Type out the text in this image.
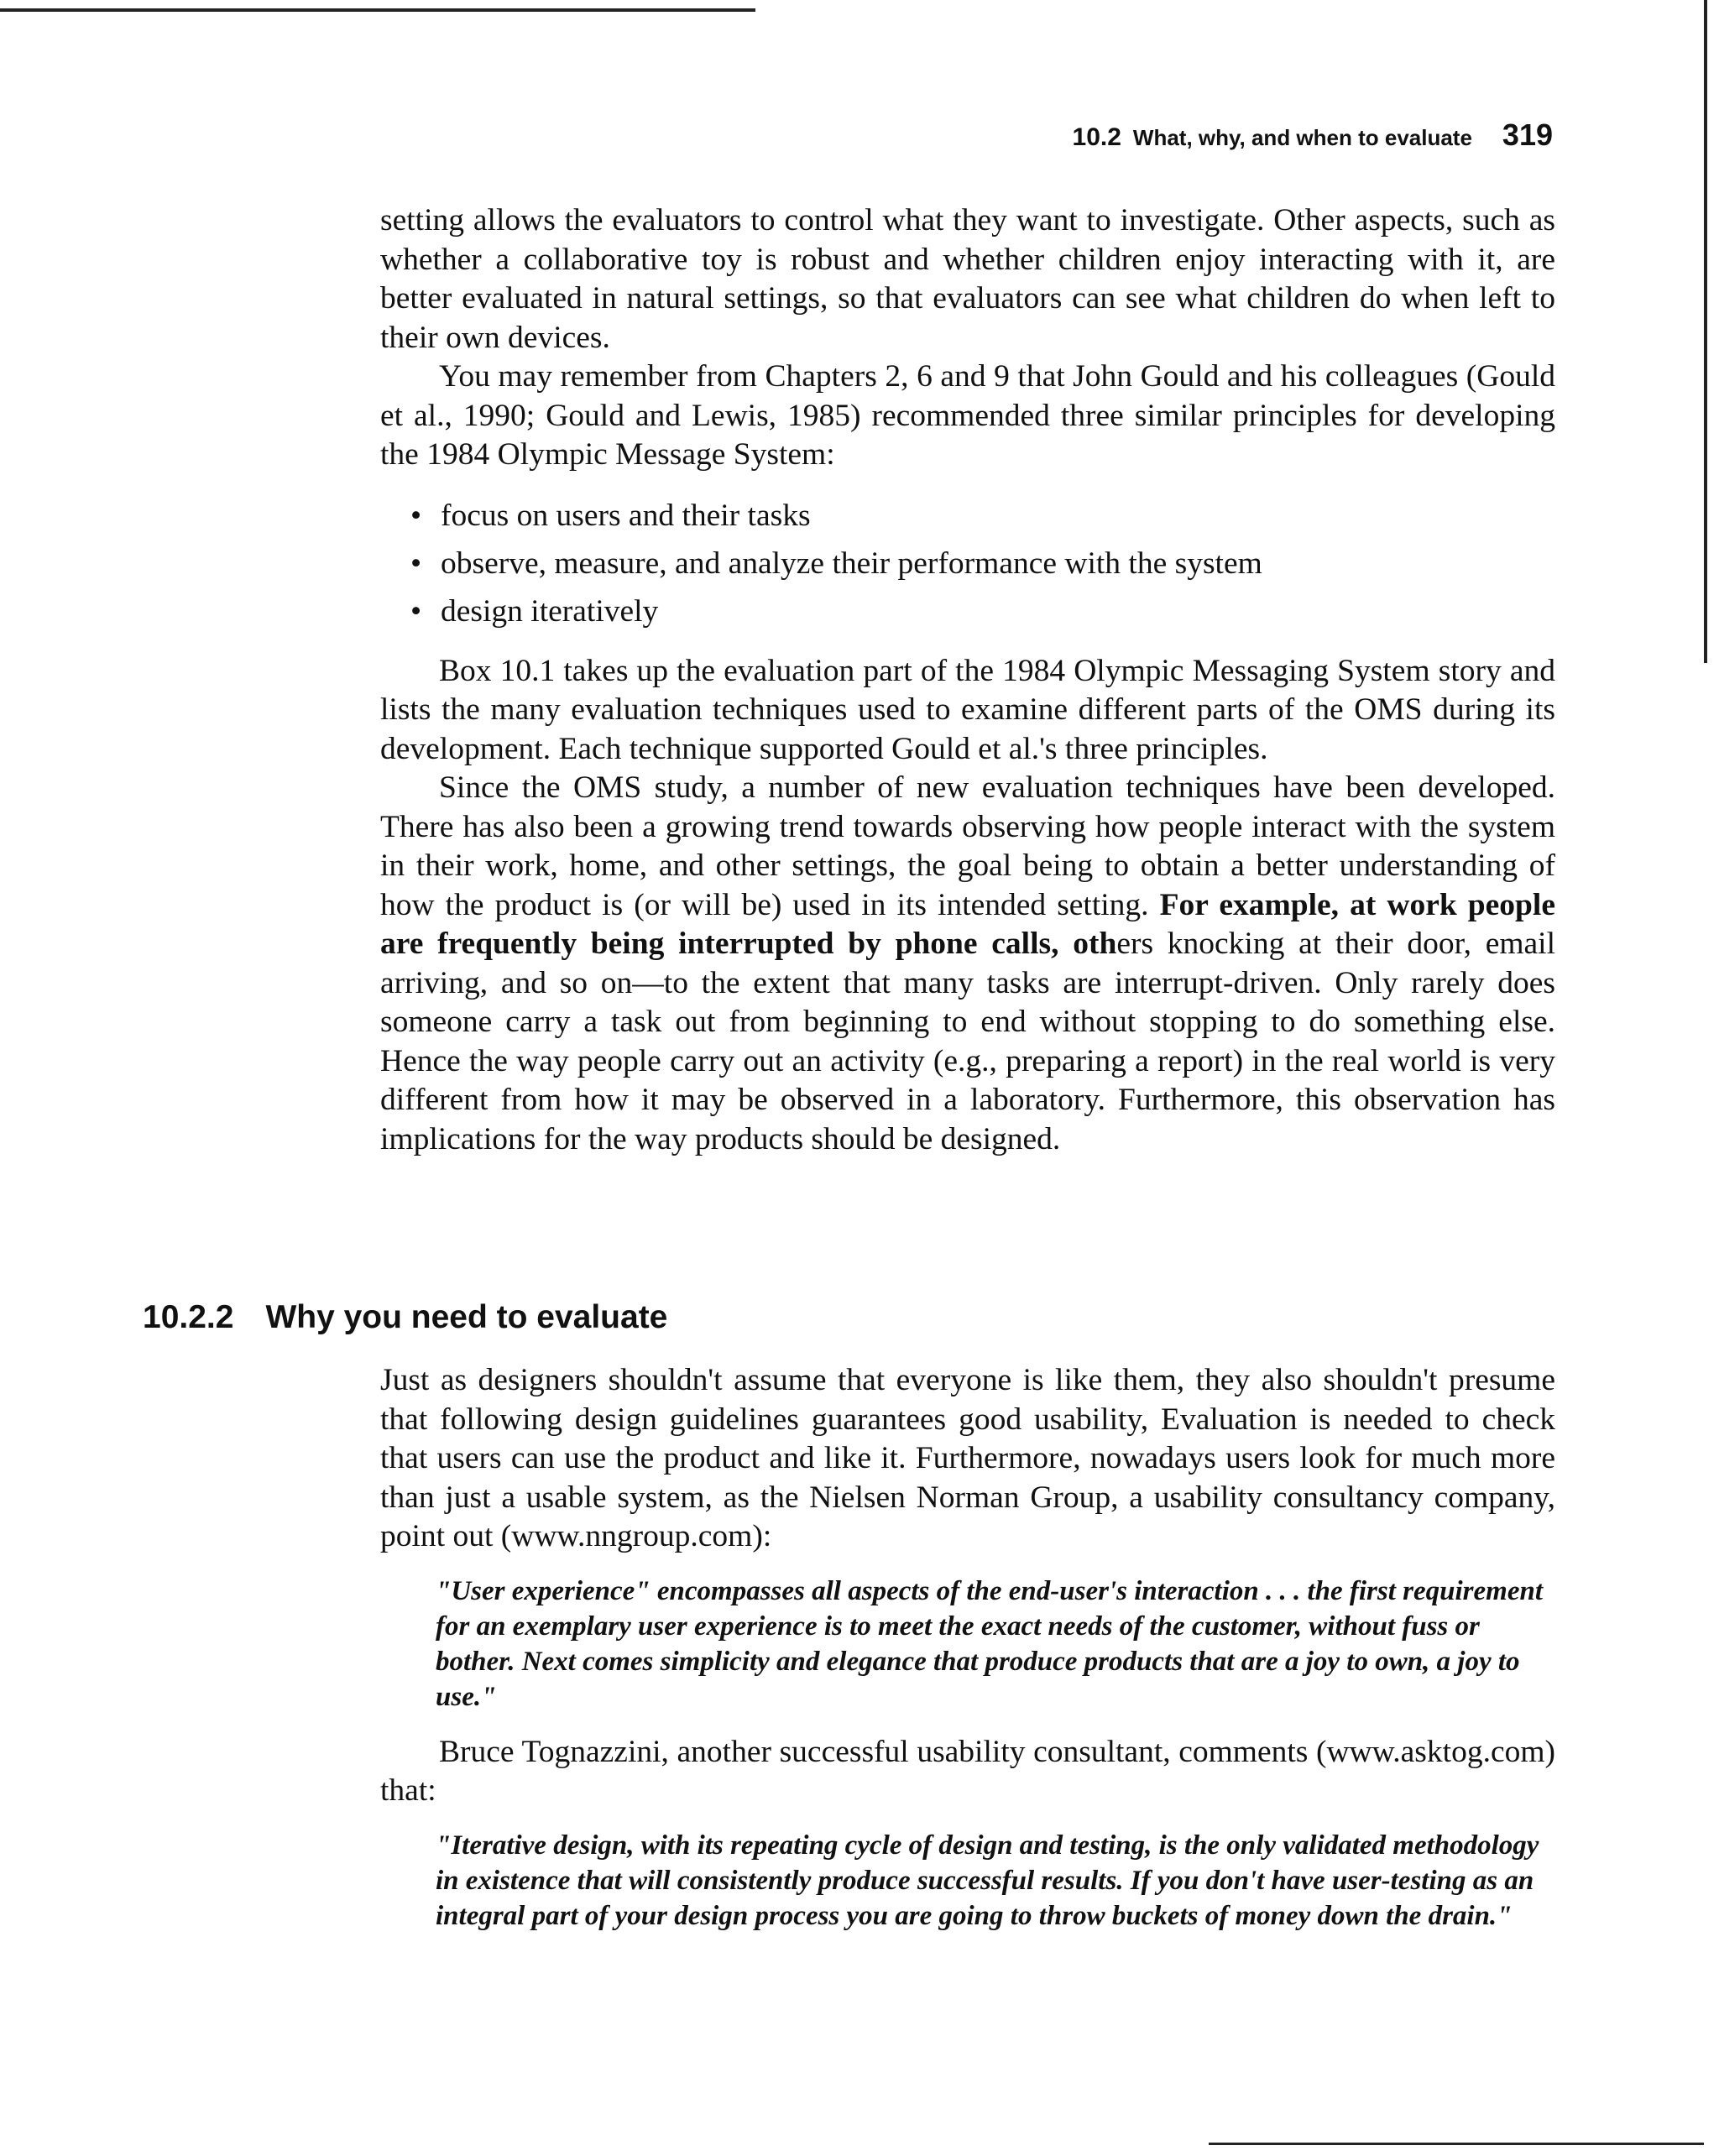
10.2 What, why, and when to evaluate 319

setting allows the evaluators to control what they want to investigate. Other aspects, such as whether a collaborative toy is robust and whether children enjoy interacting with it, are better evaluated in natural settings, so that evaluators can see what children do when left to their own devices.

You may remember from Chapters 2, 6 and 9 that John Gould and his colleagues (Gould et al., 1990; Gould and Lewis, 1985) recommended three similar principles for developing the 1984 Olympic Message System:

• focus on users and their tasks
• observe, measure, and analyze their performance with the system
• design iteratively

Box 10.1 takes up the evaluation part of the 1984 Olympic Messaging System story and lists the many evaluation techniques used to examine different parts of the OMS during its development. Each technique supported Gould et al.'s three principles.

Since the OMS study, a number of new evaluation techniques have been developed. There has also been a growing trend towards observing how people interact with the system in their work, home, and other settings, the goal being to obtain a better understanding of how the product is (or will be) used in its intended setting. For example, at work people are frequently being interrupted by phone calls, others knocking at their door, email arriving, and so on—to the extent that many tasks are interrupt-driven. Only rarely does someone carry a task out from beginning to end without stopping to do something else. Hence the way people carry out an activity (e.g., preparing a report) in the real world is very different from how it may be observed in a laboratory. Furthermore, this observation has implications for the way products should be designed.

10.2.2 Why you need to evaluate

Just as designers shouldn't assume that everyone is like them, they also shouldn't presume that following design guidelines guarantees good usability, Evaluation is needed to check that users can use the product and like it. Furthermore, nowadays users look for much more than just a usable system, as the Nielsen Norman Group, a usability consultancy company, point out (www.nngroup.com):

"User experience" encompasses all aspects of the end-user's interaction . . . the first requirement for an exemplary user experience is to meet the exact needs of the customer, without fuss or bother. Next comes simplicity and elegance that produce products that are a joy to own, a joy to use."

Bruce Tognazzini, another successful usability consultant, comments (www.asktog.com) that:

"Iterative design, with its repeating cycle of design and testing, is the only validated methodology in existence that will consistently produce successful results. If you don't have user-testing as an integral part of your design process you are going to throw buckets of money down the drain."
